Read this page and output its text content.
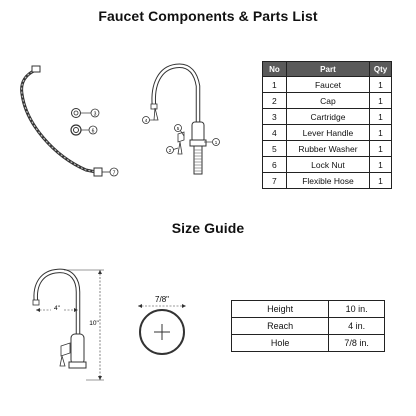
Faucet Components & Parts List
7
3
6
4
2
5
1
No	Part	Qty
1	Faucet	1
2	Cap	1
3	Cartridge	1
4	Lever Handle	1
5	Rubber Washer	1
6	Lock Nut	1
7	Flexible Hose	1
Size Guide
4"
10"
7/8"
Height	10 in.
Reach	4 in.
Hole	7/8 in.
